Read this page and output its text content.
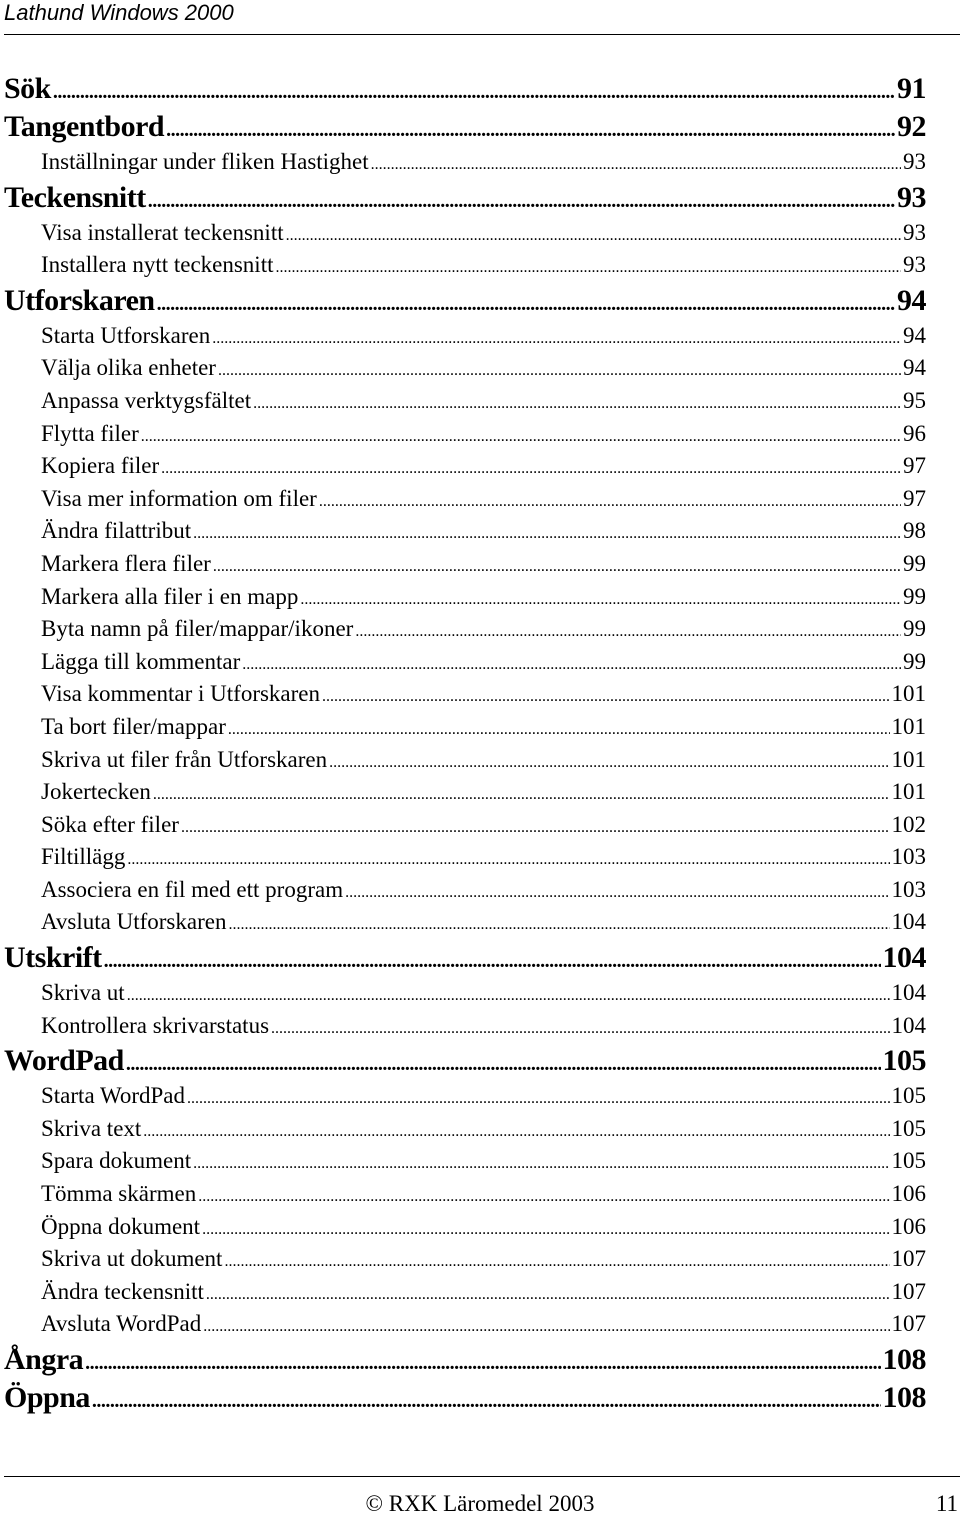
Lathund Windows 2000
Sök .....	91
Tangentbord .....	92
Inställningar under fliken Hastighet .....	93
Teckensnitt .....	93
Visa installerat teckensnitt .....	93
Installera nytt teckensnitt .....	93
Utforskaren .....	94
Starta Utforskaren .....	94
Välja olika enheter .....	94
Anpassa verktygsfältet .....	95
Flytta filer .....	96
Kopiera filer .....	97
Visa mer information om filer .....	97
Ändra filattribut .....	98
Markera flera filer .....	99
Markera alla filer i en mapp .....	99
Byta namn på filer/mappar/ikoner .....	99
Lägga till kommentar .....	99
Visa kommentar i Utforskaren .....	101
Ta bort filer/mappar .....	101
Skriva ut filer från Utforskaren .....	101
Jokertecken .....	101
Söka efter filer .....	102
Filtillägg .....	103
Associera en fil med ett program .....	103
Avsluta Utforskaren .....	104
Utskrift .....	104
Skriva ut .....	104
Kontrollera skrivarstatus .....	104
WordPad .....	105
Starta WordPad .....	105
Skriva text .....	105
Spara dokument .....	105
Tömma skärmen .....	106
Öppna dokument .....	106
Skriva ut dokument .....	107
Ändra teckensnitt .....	107
Avsluta WordPad .....	107
Ångra .....	108
Öppna .....	108
© RXK Läromedel 2003	11
